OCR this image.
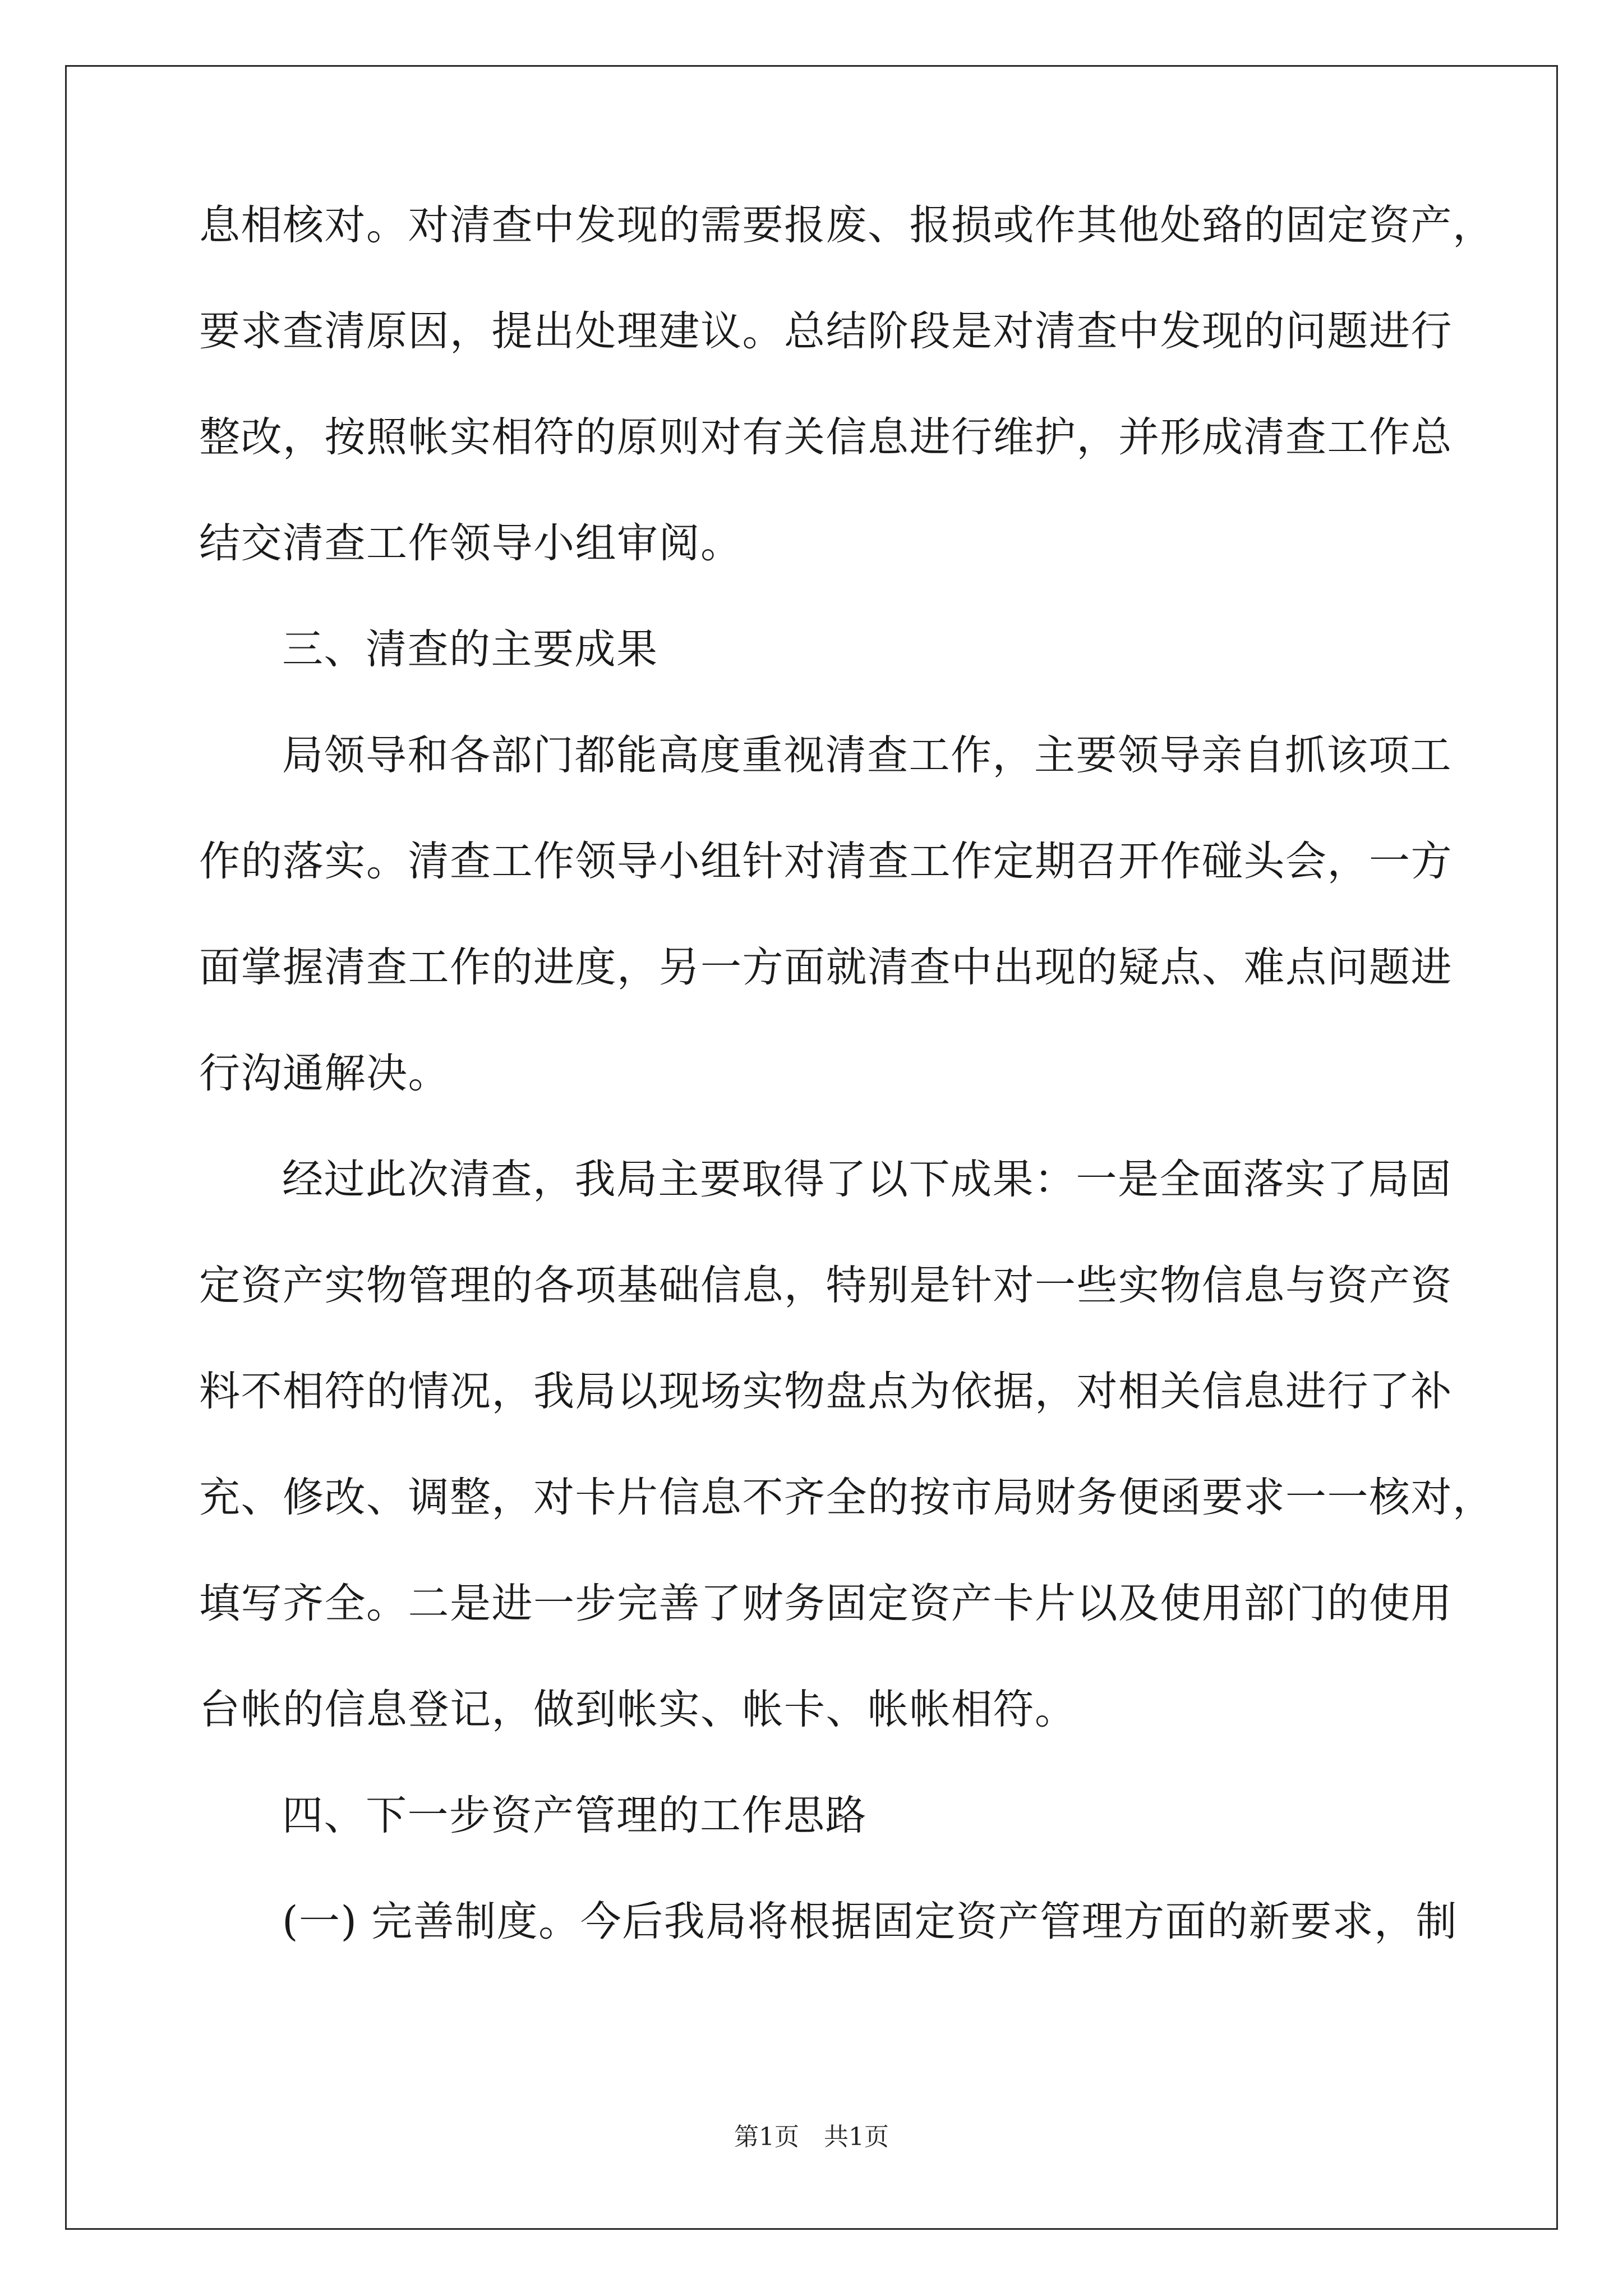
息相核对。对清查中发现的需要报废、报损或作其他处臵的固定资产，
要求查清原因，提出处理建议。总结阶段是对清查中发现的问题进行
整改，按照帐实相符的原则对有关信息进行维护，并形成清查工作总
结交清查工作领导小组审阅。
三、清查的主要成果
局领导和各部门都能高度重视清查工作，主要领导亲自抓该项工
作的落实。清查工作领导小组针对清查工作定期召开作碰头会，一方
面掌握清查工作的进度，另一方面就清查中出现的疑点、难点问题进
行沟通解决。
经过此次清查，我局主要取得了以下成果：一是全面落实了局固
定资产实物管理的各项基础信息，特别是针对一些实物信息与资产资
料不相符的情况，我局以现场实物盘点为依据，对相关信息进行了补
充、修改、调整，对卡片信息不齐全的按市局财务便函要求一一核对，
填写齐全。二是进一步完善了财务固定资产卡片以及使用部门的使用
台帐的信息登记，做到帐实、帐卡、帐帐相符。
四、下一步资产管理的工作思路
(一) 完善制度。今后我局将根据固定资产管理方面的新要求，制
第1页　共1页
